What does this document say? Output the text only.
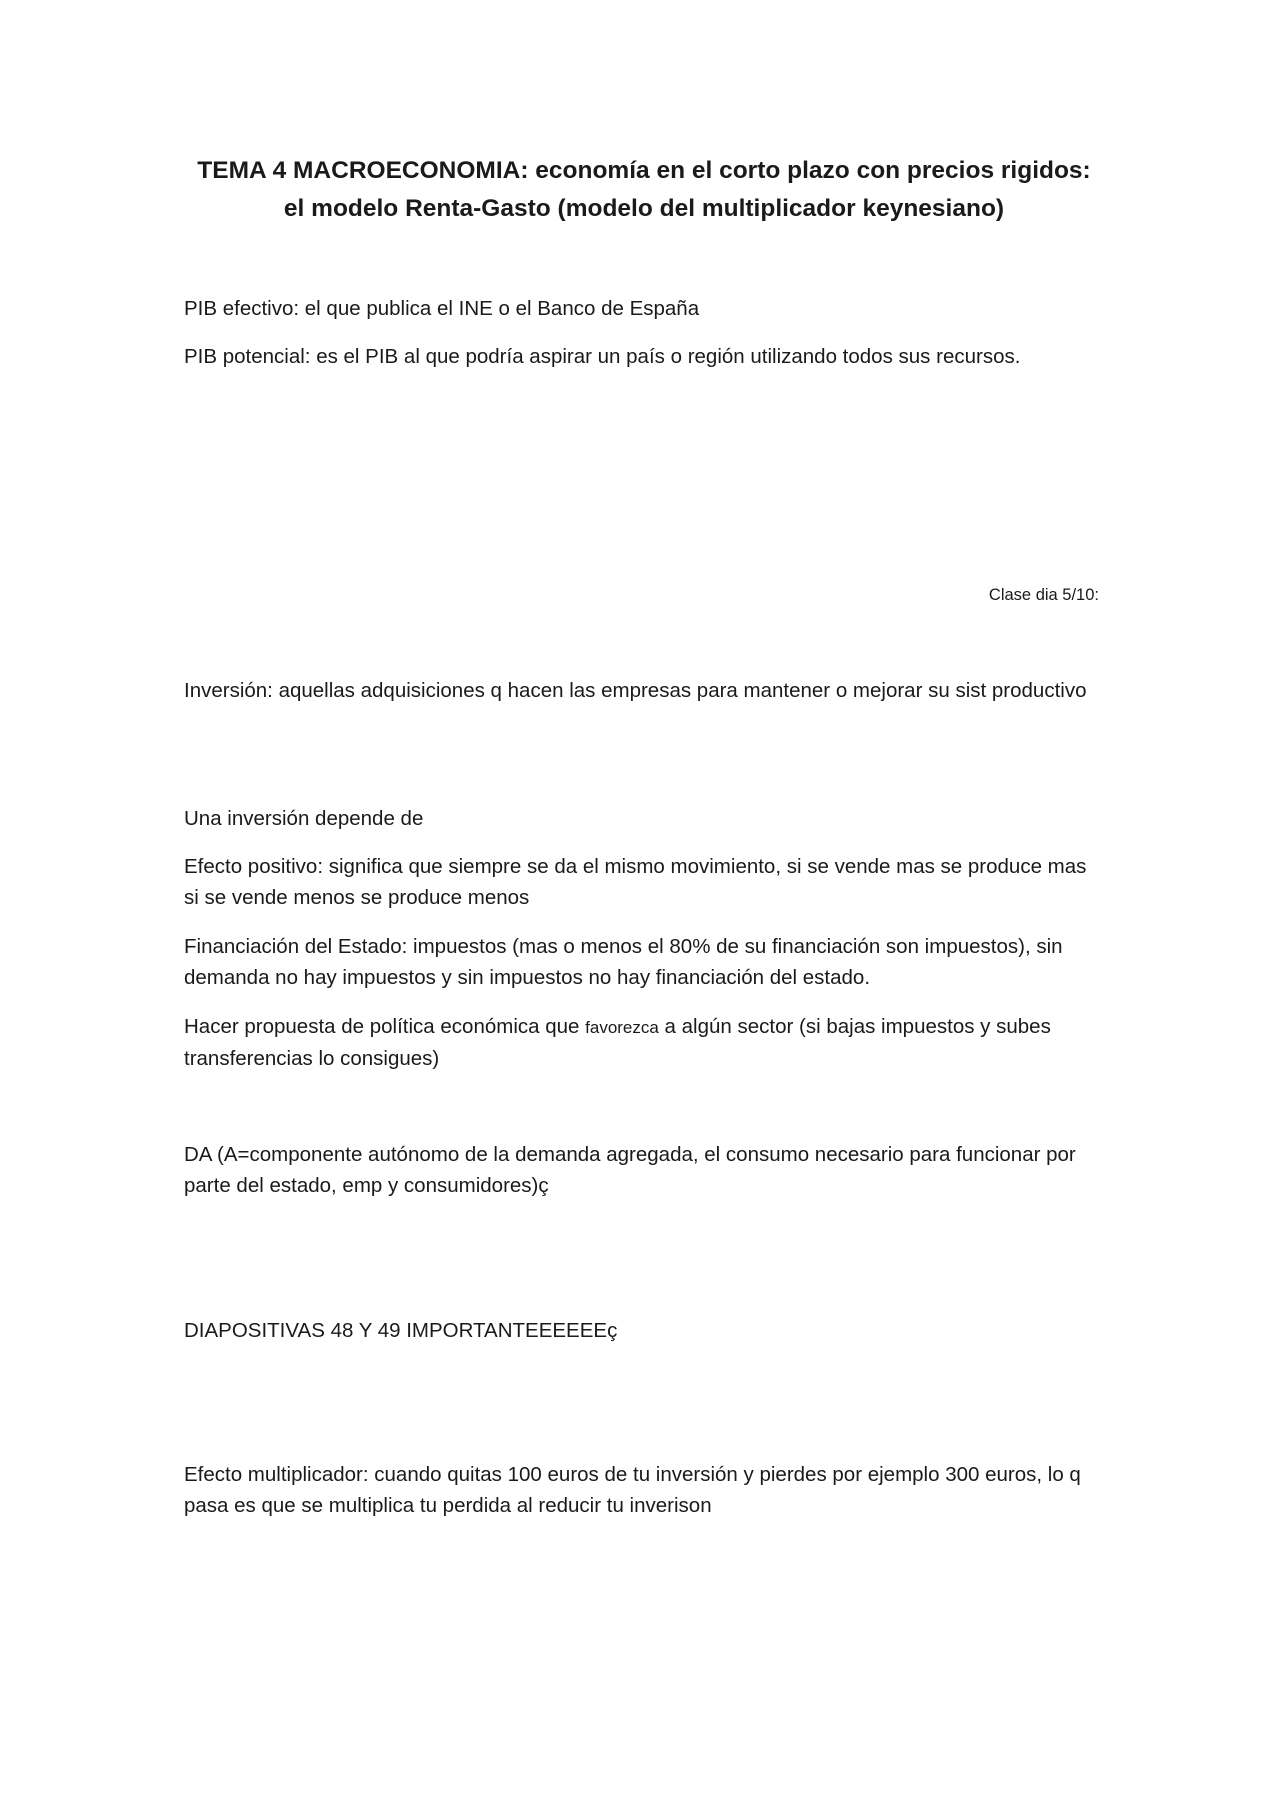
TEMA 4 MACROECONOMIA: economía en el corto plazo con precios rigidos: el modelo Renta-Gasto (modelo del multiplicador keynesiano)

PIB efectivo: el que publica el INE o el Banco de España

PIB potencial: es el PIB al que podría aspirar un país o región utilizando todos sus recursos.

Clase dia 5/10:

Inversión: aquellas adquisiciones q hacen las empresas para mantener o mejorar su sist productivo

Una inversión depende de

Efecto positivo: significa que siempre se da el mismo movimiento, si se vende mas se produce mas si se vende menos se produce menos

Financiación del Estado: impuestos (mas o menos el 80% de su financiación son impuestos), sin demanda no hay impuestos y sin impuestos no hay financiación del estado.

Hacer propuesta de política económica que favorezca a algún sector (si bajas impuestos y subes transferencias lo consigues)

DA (A=componente autónomo de la demanda agregada, el consumo necesario para funcionar por parte del estado, emp y consumidores)ç

DIAPOSITIVAS 48 Y 49 IMPORTANTEEEEEEç

Efecto multiplicador: cuando quitas 100 euros de tu inversión y pierdes por ejemplo 300 euros, lo q pasa es que se multiplica tu perdida al reducir tu inverison
